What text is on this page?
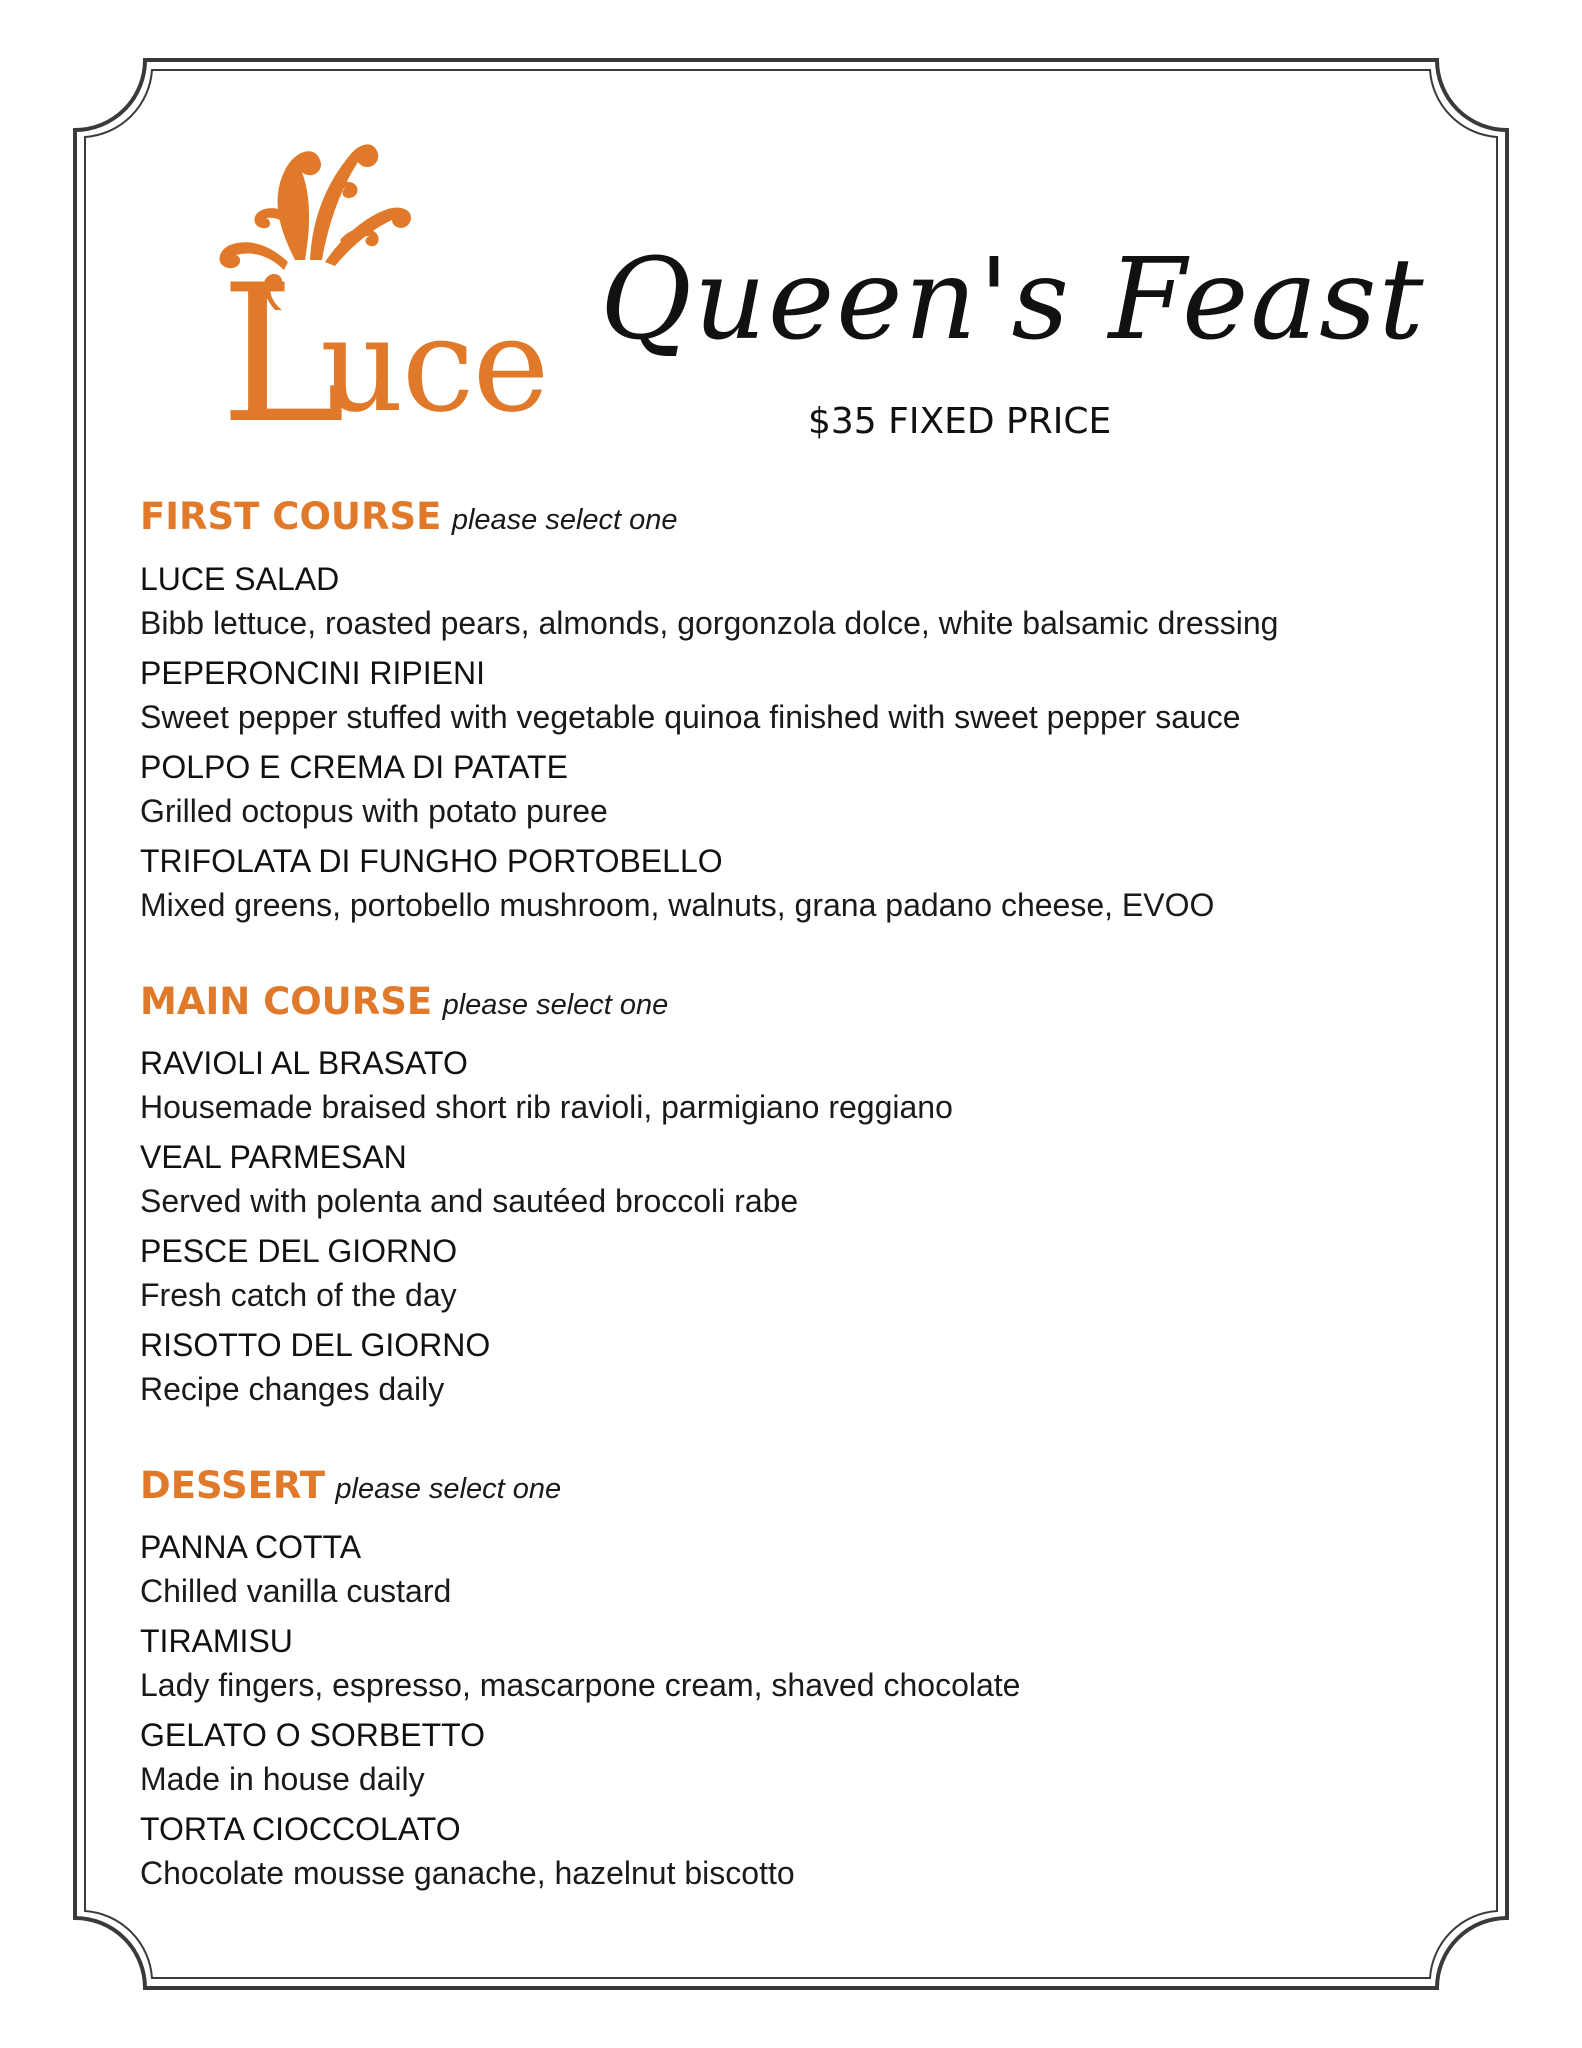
L
uce Queen's Feast
$35 FIXED PRICE
FIRST COURSE please select one
LUCE SALAD
Bibb lettuce, roasted pears, almonds, gorgonzola dolce, white balsamic dressing
PEPERONCINI RIPIENI
Sweet pepper stuffed with vegetable quinoa finished with sweet pepper sauce
POLPO E CREMA DI PATATE
Grilled octopus with potato puree
TRIFOLATA DI FUNGHO PORTOBELLO
Mixed greens, portobello mushroom, walnuts, grana padano cheese, EVOO
MAIN COURSE please select one
RAVIOLI AL BRASATO
Housemade braised short rib ravioli, parmigiano reggiano
VEAL PARMESAN
Served with polenta and sautéed broccoli rabe
PESCE DEL GIORNO
Fresh catch of the day
RISOTTO DEL GIORNO
Recipe changes daily
DESSERT please select one
PANNA COTTA
Chilled vanilla custard
TIRAMISU
Lady fingers, espresso, mascarpone cream, shaved chocolate
GELATO O SORBETTO
Made in house daily
TORTA CIOCCOLATO
Chocolate mousse ganache, hazelnut biscotto
